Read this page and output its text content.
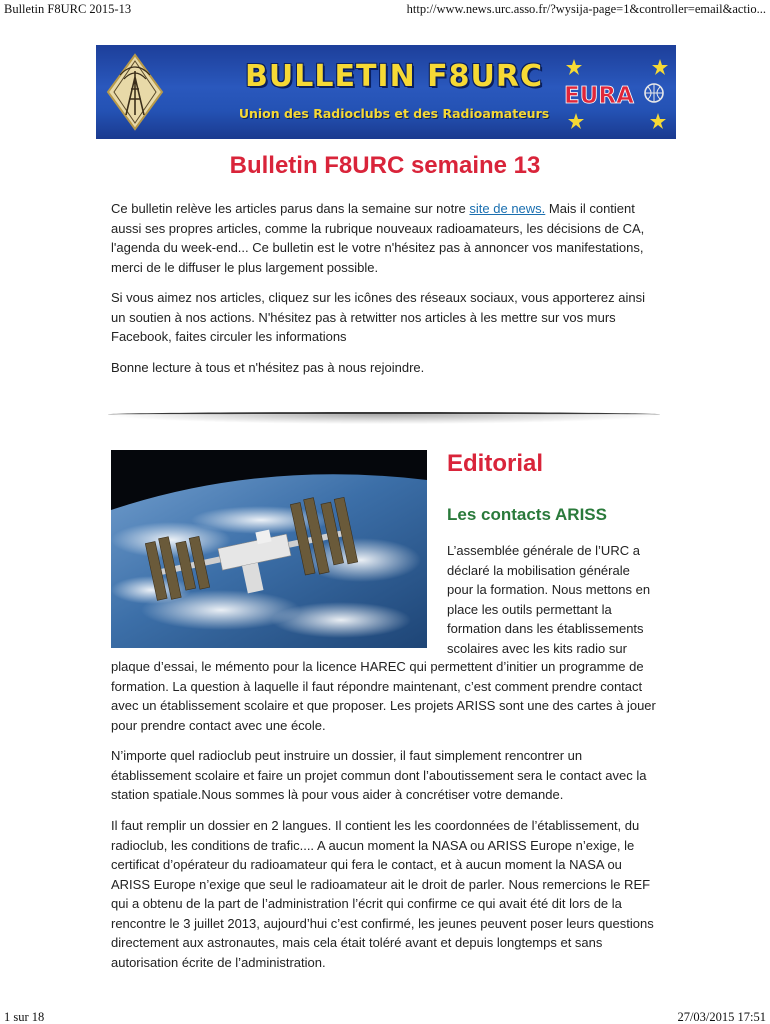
Bulletin F8URC 2015-13	http://www.news.urc.asso.fr/?wysija-page=1&controller=email&actio...
BULLETIN F8URC
Union des Radioclubs et des Radioamateurs
EURA
Bulletin F8URC semaine 13
Ce bulletin relève les articles parus dans la semaine sur notre site de news. Mais il contient aussi ses propres articles, comme la rubrique nouveaux radioamateurs, les décisions de CA, l'agenda du week-end... Ce bulletin est le votre n'hésitez pas à annoncer vos manifestations, merci de le diffuser le plus largement possible.
Si vous aimez nos articles, cliquez sur les icônes des réseaux sociaux, vous apporterez ainsi un soutien à nos actions. N'hésitez pas à retwitter nos articles à les mettre sur vos murs Facebook, faites circuler les informations
Bonne lecture à tous et n'hésitez pas à nous rejoindre.
Editorial
Les contacts ARISS
L’assemblée générale de l’URC a
déclaré la mobilisation générale
pour la formation. Nous mettons en
place les outils permettant la
formation dans les établissements
scolaires avec les kits radio sur
plaque d’essai, le mémento pour la licence HAREC qui permettent d’initier un programme de formation. La question à laquelle il faut répondre maintenant, c’est comment prendre contact avec un établissement scolaire et que proposer. Les projets ARISS sont une des cartes à jouer pour prendre contact avec une école.
N’importe quel radioclub peut instruire un dossier, il faut simplement rencontrer un établissement scolaire et faire un projet commun dont l’aboutissement sera le contact avec la station spatiale.Nous sommes là pour vous aider à concrétiser votre demande.
Il faut remplir un dossier en 2 langues. Il contient les les coordonnées de l’établissement, du radioclub, les conditions de trafic.... A aucun moment la NASA ou ARISS Europe n’exige, le certificat d’opérateur du radioamateur qui fera le contact, et à aucun moment la NASA ou ARISS Europe n’exige que seul le radioamateur ait le droit de parler. Nous remercions le REF qui a obtenu de la part de l’administration l’écrit qui confirme ce qui avait été dit lors de la rencontre le 3 juillet 2013, aujourd’hui c’est confirmé, les jeunes peuvent poser leurs questions directement aux astronautes, mais cela était toléré avant et depuis longtemps et sans autorisation écrite de l’administration.
1 sur 18	27/03/2015 17:51
